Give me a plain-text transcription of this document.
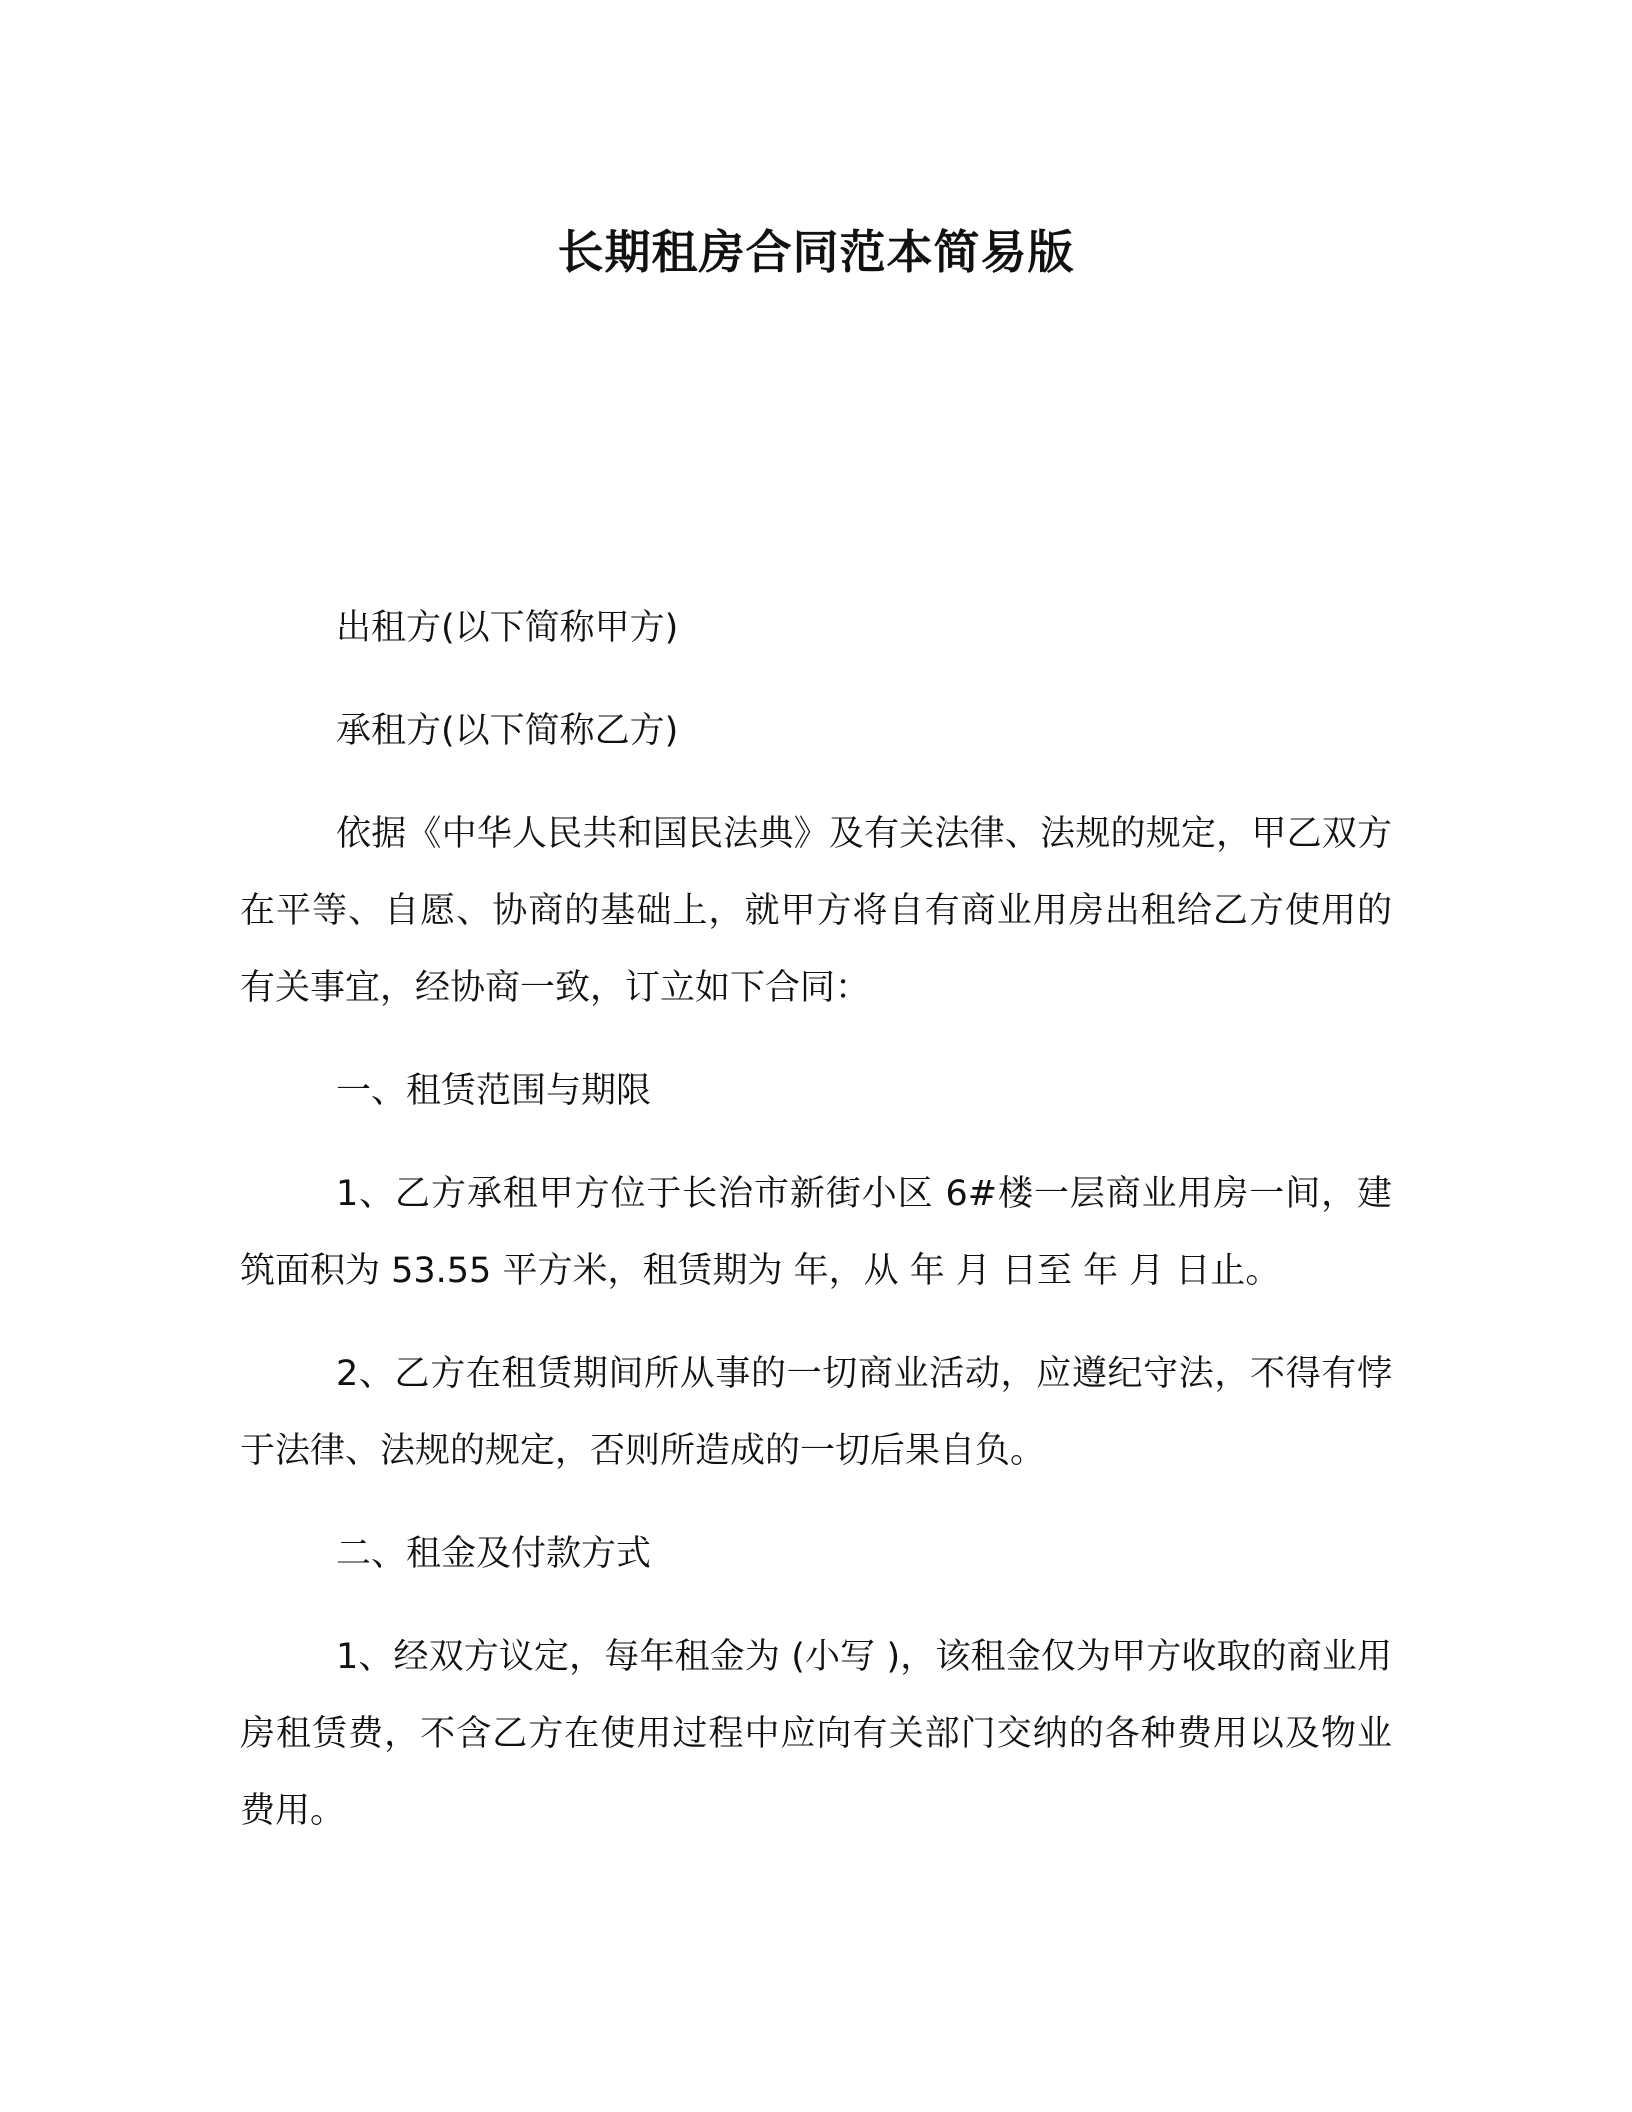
长期租房合同范本简易版

出租方(以下简称甲方)

承租方(以下简称乙方)

依据《中华人民共和国民法典》及有关法律、法规的规定，甲乙双方在平等、自愿、协商的基础上，就甲方将自有商业用房出租给乙方使用的有关事宜，经协商一致，订立如下合同：

一、租赁范围与期限

1、乙方承租甲方位于长治市新街小区 6#楼一层商业用房一间，建筑面积为 53.55 平方米，租赁期为 年，从 年 月 日至 年 月 日止。

2、乙方在租赁期间所从事的一切商业活动，应遵纪守法，不得有悖于法律、法规的规定，否则所造成的一切后果自负。

二、租金及付款方式

1、经双方议定，每年租金为 (小写 )，该租金仅为甲方收取的商业用房租赁费，不含乙方在使用过程中应向有关部门交纳的各种费用以及物业费用。
